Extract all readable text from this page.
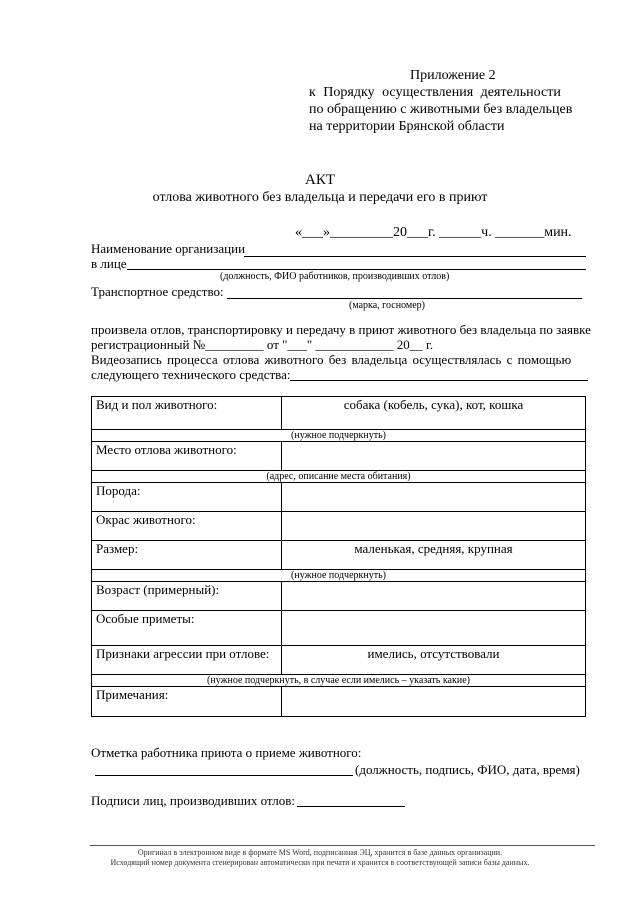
Приложение 2
к Порядку осуществления деятельности
по обращению с животными без владельцев
на территории Брянской области
АКТ
отлова животного без владельца и передачи его в приют
«___»_________20___г. ______ч. _______мин.
Наименование организации
в лице
(должность, ФИО работников, производивших отлов)
Транспортное средство:
(марка, госномер)
произвела отлов, транспортировку и передачу в приют животного без владельца по заявке
регистрационный №_________ от "___" ____________ 20__ г.
Видеозапись процесса отлова животного без владельца осуществлялась с помощью
следующего технического средства:
Вид и пол животного:	собака (кобель, сука), кот, кошка
(нужное подчеркнуть)	
Место отлова животного:	
(адрес, описание места обитания)	
Порода:	
Окрас животного:	
Размер:	маленькая, средняя, крупная
(нужное подчеркнуть)	
Возраст (примерный):	
Особые приметы:	
Признаки агрессии при отлове:	имелись, отсутствовали
(нужное подчеркнуть, в случае если имелись – указать какие)	
Примечания:	
Отметка работника приюта о приеме животного:
(должность, подпись, ФИО, дата, время)
Подписи лиц, производивших отлов:
Оригинал в электронном виде в формате MS Word, подписанная ЭЦ, хранится в базе данных организации.
Исходящий номер документа сгенерирован автоматически при печати и хранится в соответствующей записи базы данных.
